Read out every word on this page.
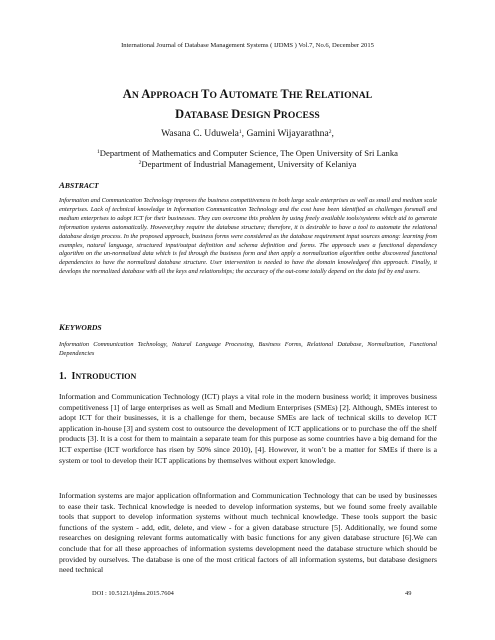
International Journal of Database Management Systems ( IJDMS ) Vol.7, No.6, December 2015
AN APPROACH TO AUTOMATE THE RELATIONAL
DATABASE DESIGN PROCESS
Wasana C. Uduwela$^1$, Gamini Wijayarathna$^2$,
$^1$Department of Mathematics and Computer Science, The Open University of Sri Lanka
$^2$Department of Industrial Management, University of Kelaniya
ABSTRACT
Information and Communication Technology improves the business competitiveness in both large scale enterprises as well as small and medium scale enterprises. Lack of technical knowledge in Information Communication Technology and the cost have been identified as challenges forsmall and medium enterprises to adopt ICT for their businesses. They can overcome this problem by using freely available tools/systems which aid to generate information systems automatically. However,they require the database structure; therefore, it is desirable to have a tool to automate the relational database design process. In the proposed approach, business forms were considered as the database requirement input sources among: learning from examples, natural language, structured input/output definition and schema definition and forms. The approach uses a functional dependency algorithm on the un-normalized data which is fed through the business form and then apply a normalization algorithm onthe discovered functional dependencies to have the normalized database structure. User intervention is needed to have the domain knowledgeof this approach. Finally, it develops the normalized database with all the keys and relationships; the accuracy of the out-come totally depend on the data fed by end users.
KEYWORDS
Information Communication Technology, Natural Language Processing, Business Forms, Relational Database, Normalization, Functional Dependencies
1. INTRODUCTION
Information and Communication Technology (ICT) plays a vital role in the modern business world; it improves business competitiveness [1] of large enterprises as well as Small and Medium Enterprises (SMEs) [2]. Although, SMEs interest to adopt ICT for their businesses, it is a challenge for them, because SMEs are lack of technical skills to develop ICT application in-house [3] and system cost to outsource the development of ICT applications or to purchase the off the shelf products [3]. It is a cost for them to maintain a separate team for this purpose as some countries have a big demand for the ICT expertise (ICT workforce has risen by 50% since 2010), [4]. However, it won’t be a matter for SMEs if there is a system or tool to develop their ICT applications by themselves without expert knowledge.
Information systems are major application ofInformation and Communication Technology that can be used by businesses to ease their task. Technical knowledge is needed to develop information systems, but we found some freely available tools that support to develop information systems without much technical knowledge. These tools support the basic functions of the system - add, edit, delete, and view - for a given database structure [5]. Additionally, we found some researches on designing relevant forms automatically with basic functions for any given database structure [6].We can conclude that for all these approaches of information systems development need the database structure which should be provided by ourselves. The database is one of the most critical factors of all information systems, but database designers need technical
DOI : 10.5121/ijdms.2015.7604	49
